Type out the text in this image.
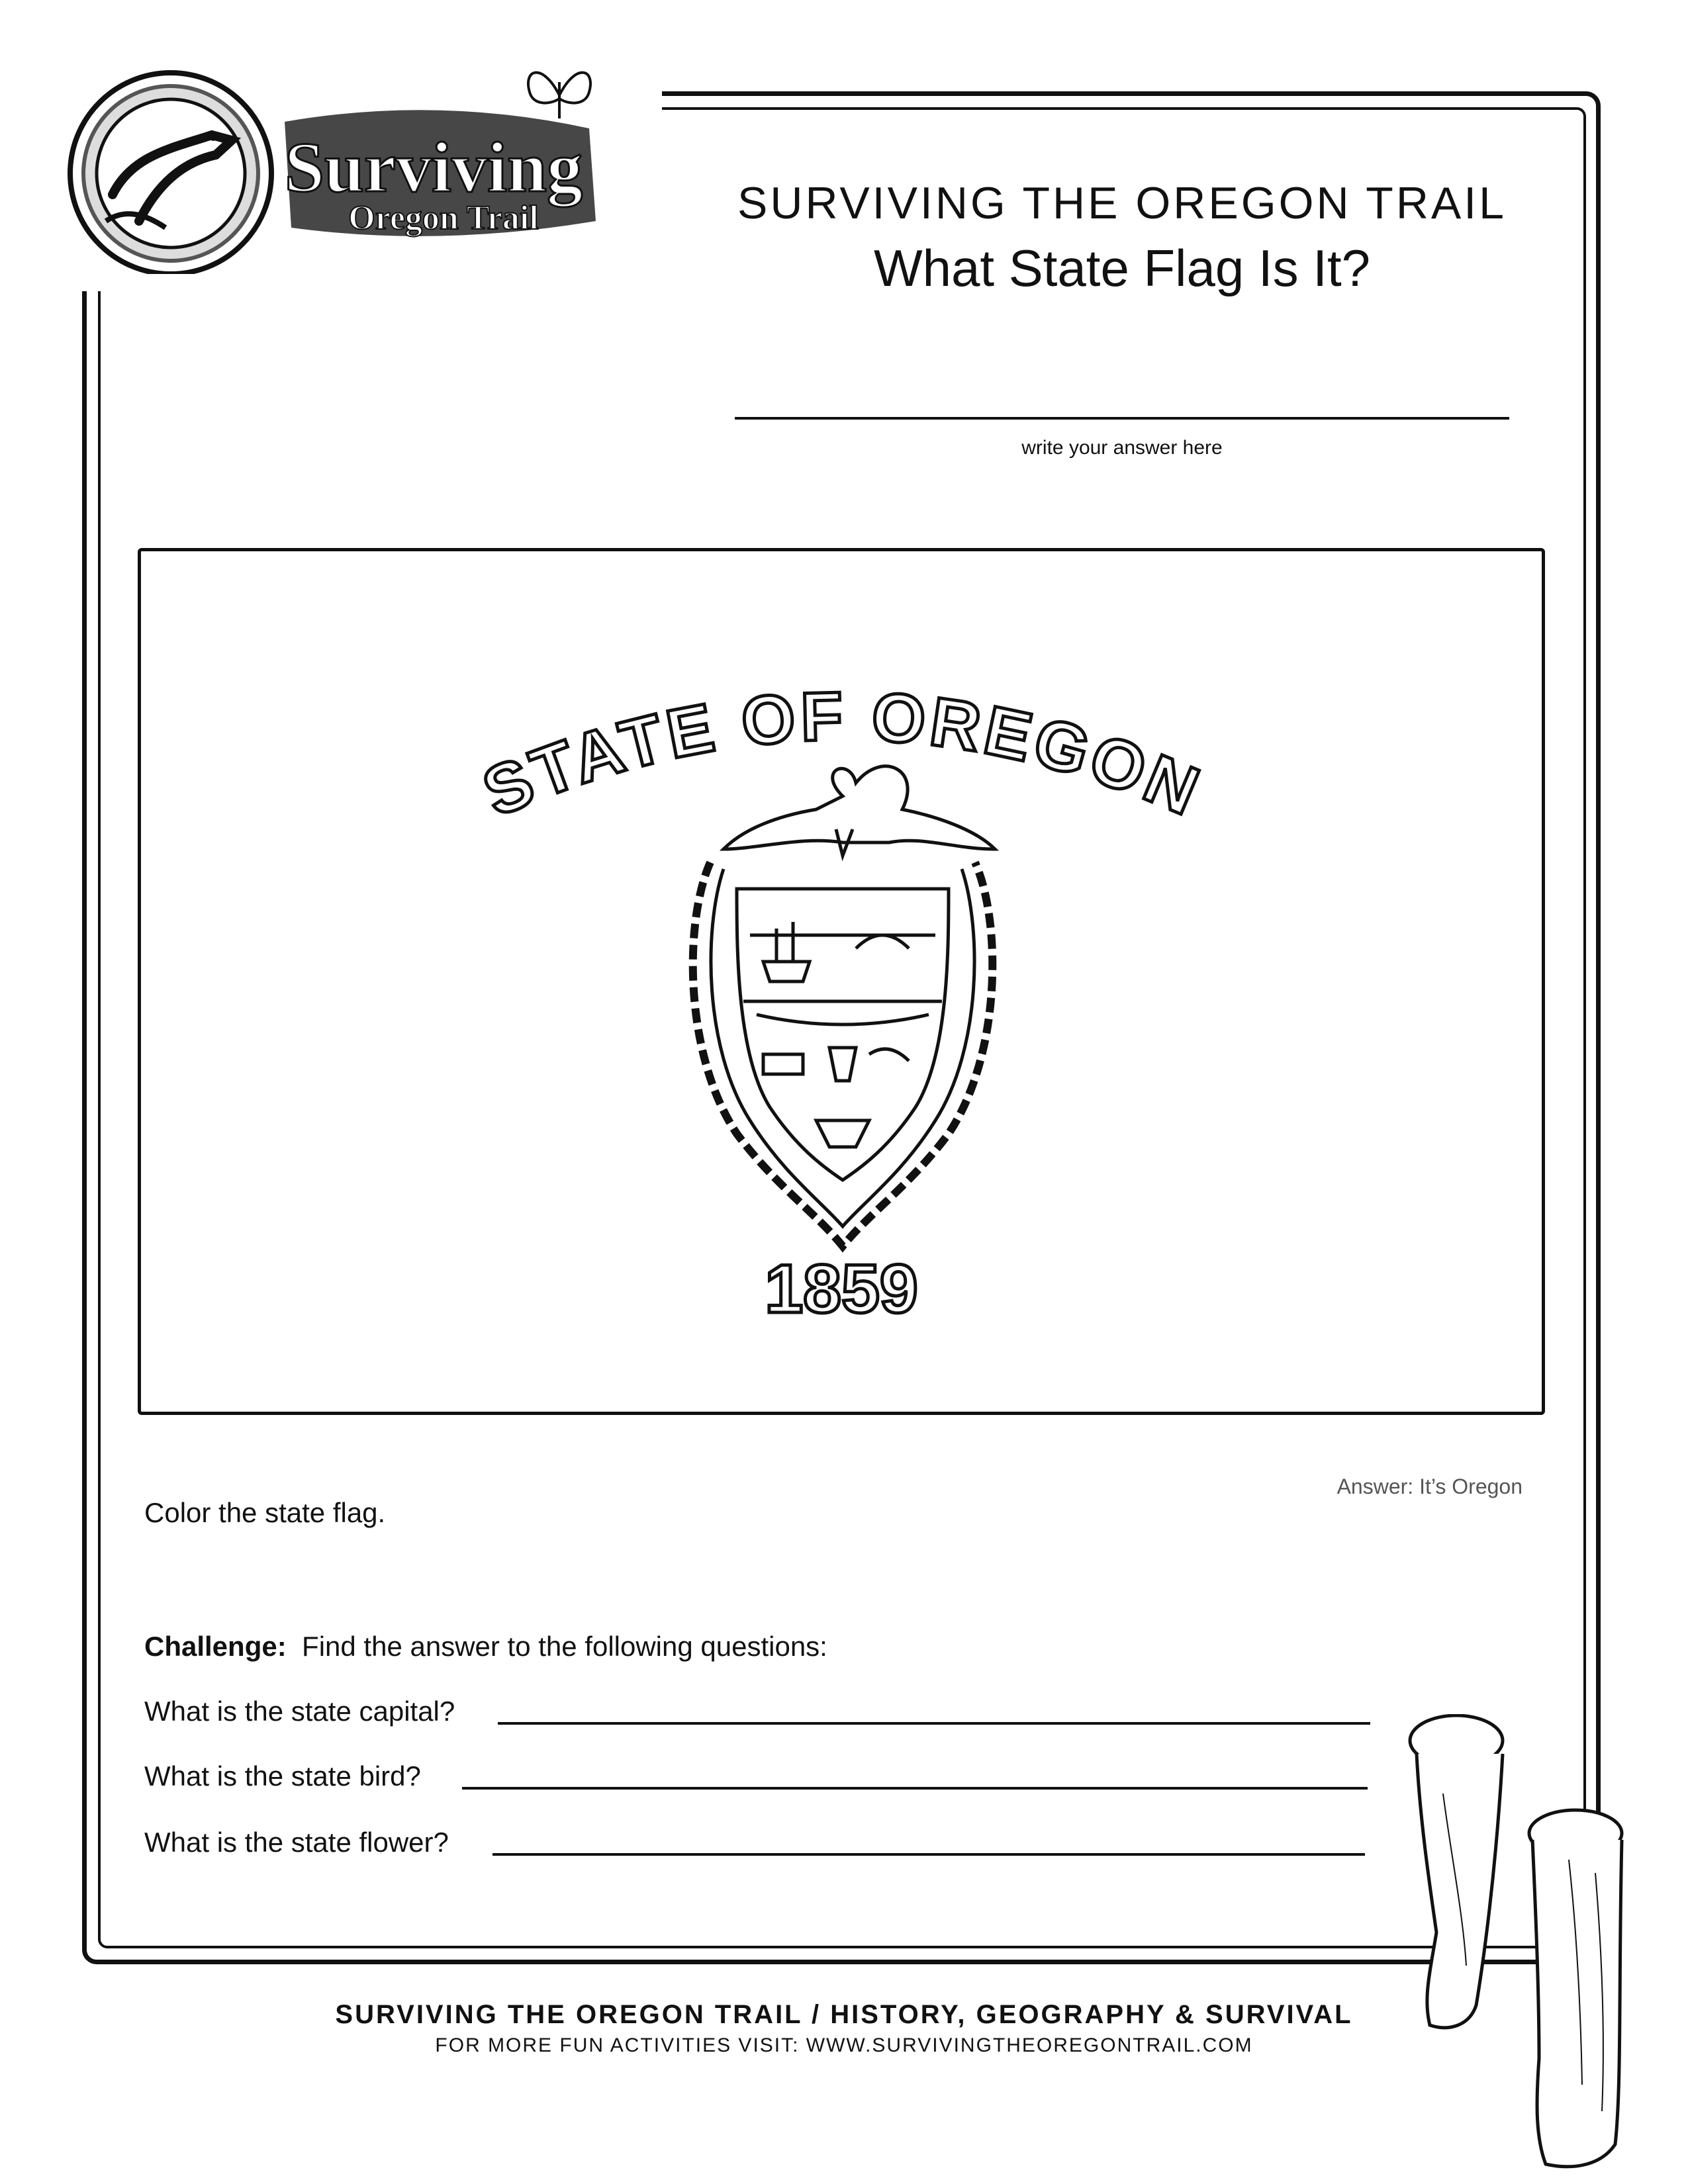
Surviving
Oregon Trail	SURVIVING THE OREGON TRAIL
What State Flag Is It?
write your answer here
STATE OF OREGON
1859
Answer: It’s Oregon
Color the state flag.
Challenge: Find the answer to the following questions:
What is the state capital?
What is the state bird?
What is the state flower?
SURVIVING THE OREGON TRAIL / HISTORY, GEOGRAPHY & SURVIVAL
FOR MORE FUN ACTIVITIES VISIT: WWW.SURVIVINGTHEOREGONTRAIL.COM
